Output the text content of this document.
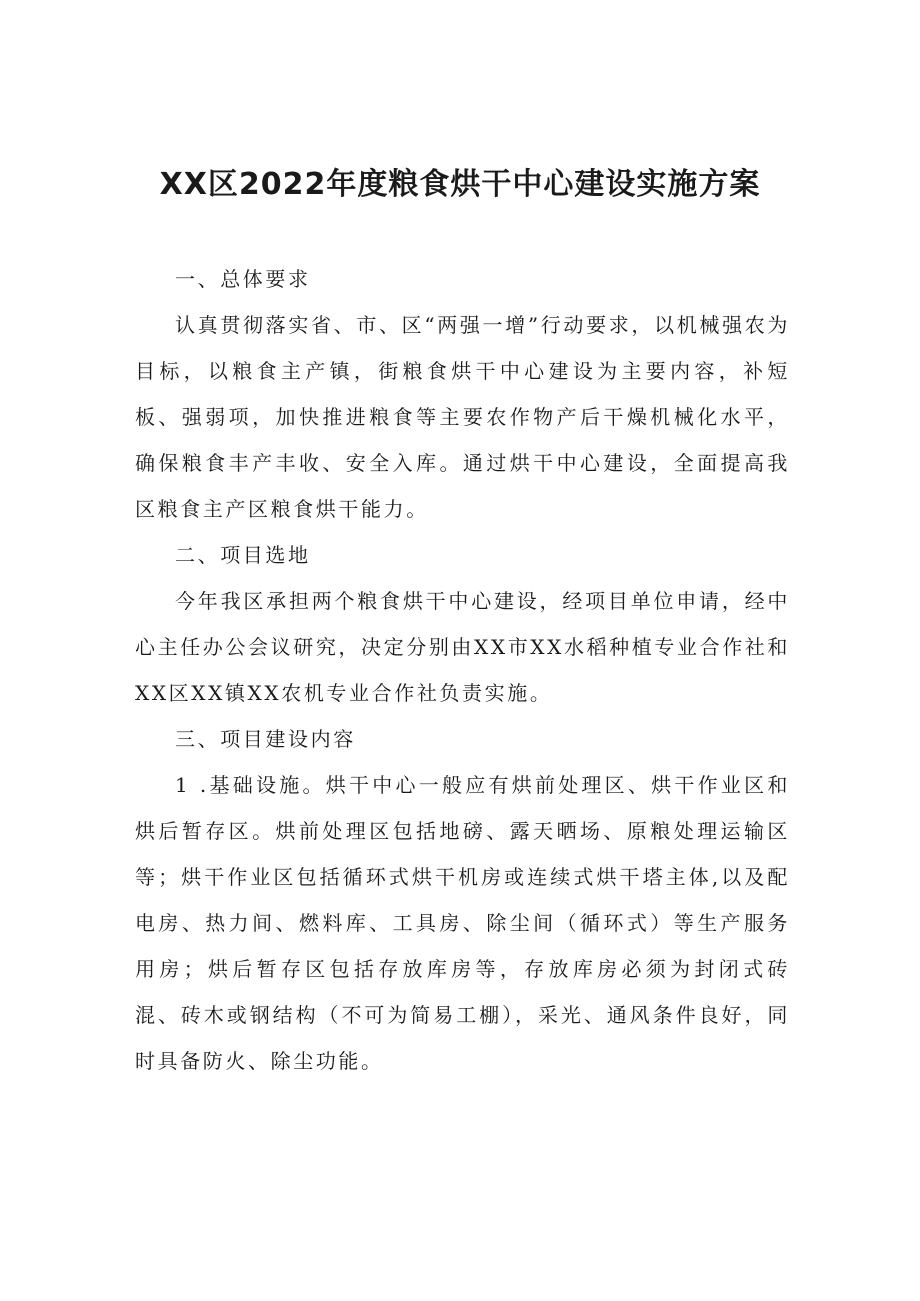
XX区2022年度粮食烘干中心建设实施方案

一、总体要求

认真贯彻落实省、市、区“两强一增”行动要求，以机械强农为目标，以粮食主产镇，街粮食烘干中心建设为主要内容，补短板、强弱项，加快推进粮食等主要农作物产后干燥机械化水平，确保粮食丰产丰收、安全入库。通过烘干中心建设，全面提高我区粮食主产区粮食烘干能力。

二、项目选地

今年我区承担两个粮食烘干中心建设，经项目单位申请，经中心主任办公会议研究，决定分别由XX市XX水稻种植专业合作社和XX区XX镇XX农机专业合作社负责实施。

三、项目建设内容

1 .基础设施。烘干中心一般应有烘前处理区、烘干作业区和烘后暂存区。烘前处理区包括地磅、露天晒场、原粮处理运输区等；烘干作业区包括循环式烘干机房或连续式烘干塔主体,以及配电房、热力间、燃料库、工具房、除尘间（循环式）等生产服务用房；烘后暂存区包括存放库房等，存放库房必须为封闭式砖混、砖木或钢结构（不可为简易工棚），采光、通风条件良好，同时具备防火、除尘功能。
